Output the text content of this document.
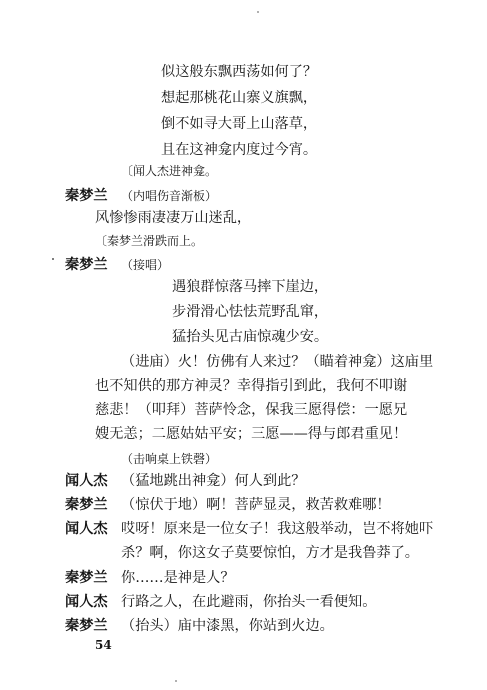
似这般东飘西荡如何了？
想起那桃花山寨义旗飘，
倒不如寻大哥上山落草，
且在这神龛内度过今宵。
〔闻人杰进神龛。
秦梦兰 （内唱伤音渐板）
风惨惨雨凄凄万山迷乱，
〔秦梦兰滑跌而上。
秦梦兰 （接唱）
遇狼群惊落马摔下崖边，
步滑滑心怯怯荒野乱窜，
猛抬头见古庙惊魂少安。
（进庙）火！仿佛有人来过？（瞄着神龛）这庙里
也不知供的那方神灵？幸得指引到此，我何不叩谢
慈悲！（叩拜）菩萨怜念，保我三愿得偿：一愿兄
嫂无恙；二愿姑姑平安；三愿——得与郎君重见！
（击响桌上铁磬）
闻人杰 （猛地跳出神龛）何人到此？
秦梦兰 （惊伏于地）啊！菩萨显灵，救苦救难哪！
闻人杰 哎呀！原来是一位女子！我这般举动，岂不将她吓
杀？啊，你这女子莫要惊怕，方才是我鲁莽了。
秦梦兰 你……是神是人？
闻人杰 行路之人，在此避雨，你抬头一看便知。
秦梦兰 （抬头）庙中漆黑，你站到火边。
54
